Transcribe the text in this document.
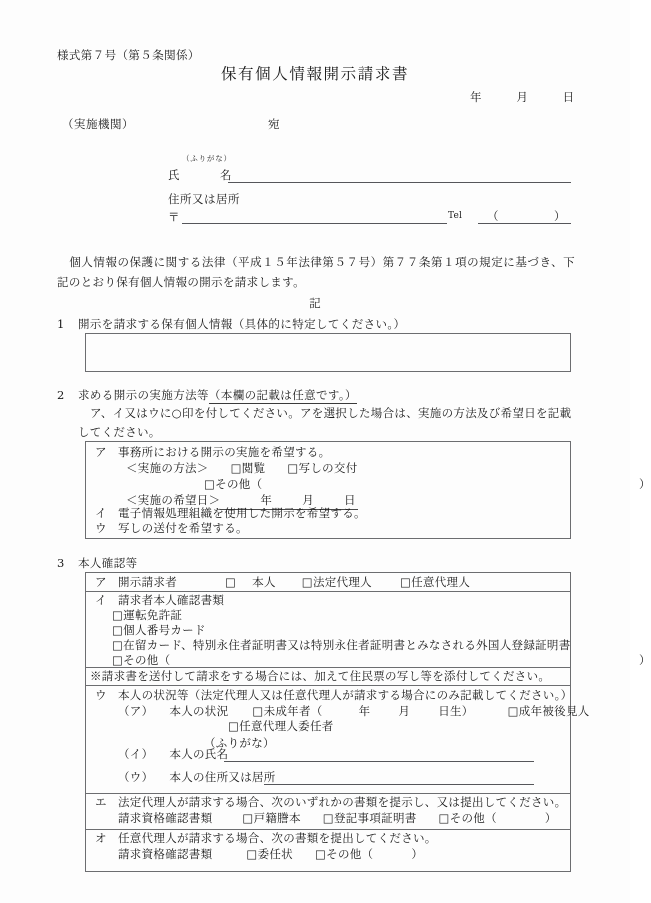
様式第７号（第５条関係）
保有個人情報開示請求書
年	月	日
（実施機関）	宛
（ふりがな）
氏	名
住所又は居所
〒	Tel （　）
個人情報の保護に関する法律（平成１５年法律第５７号）第７７条第１項の規定に基づき、下記のとおり保有個人情報の開示を請求します。
記
1 開示を請求する保有個人情報（具体的に特定してください。）
2 求める開示の実施方法等（本欄の記載は任意です。）
ア、イ又はウに○印を付してください。アを選択した場合は、実施の方法及び希望日を記載してください。
ア 事務所における開示の実施を希望する。
＜実施の方法＞ □閲覧 □写しの交付
□その他（	）
＜実施の希望日＞	年	月	日
イ 電子情報処理組織を使用した開示を希望する。
ウ 写しの送付を希望する。
3 本人確認等
ア 開示請求者	□ 本人 □法定代理人 □任意代理人
イ 請求者本人確認書類
□運転免許証
□個人番号カード
□在留カード、特別永住者証明書又は特別永住者証明書とみなされる外国人登録証明書
□その他（	）
※請求書を送付して請求をする場合には、加えて住民票の写し等を添付してください。
ウ 本人の状況等（法定代理人又は任意代理人が請求する場合にのみ記載してください。）
（ア） 本人の状況 □未成年者（	年 月 日生）	□成年被後見人
□任意代理人委任者
（ふりがな）
（イ） 本人の氏名
（ウ） 本人の住所又は居所
エ 法定代理人が請求する場合、次のいずれかの書類を提示し、又は提出してください。
請求資格確認書類	□戸籍謄本 □登記事項証明書 □その他（	）
オ 任意代理人が請求する場合、次の書類を提出してください。
請求資格確認書類	□委任状 □その他（	）
